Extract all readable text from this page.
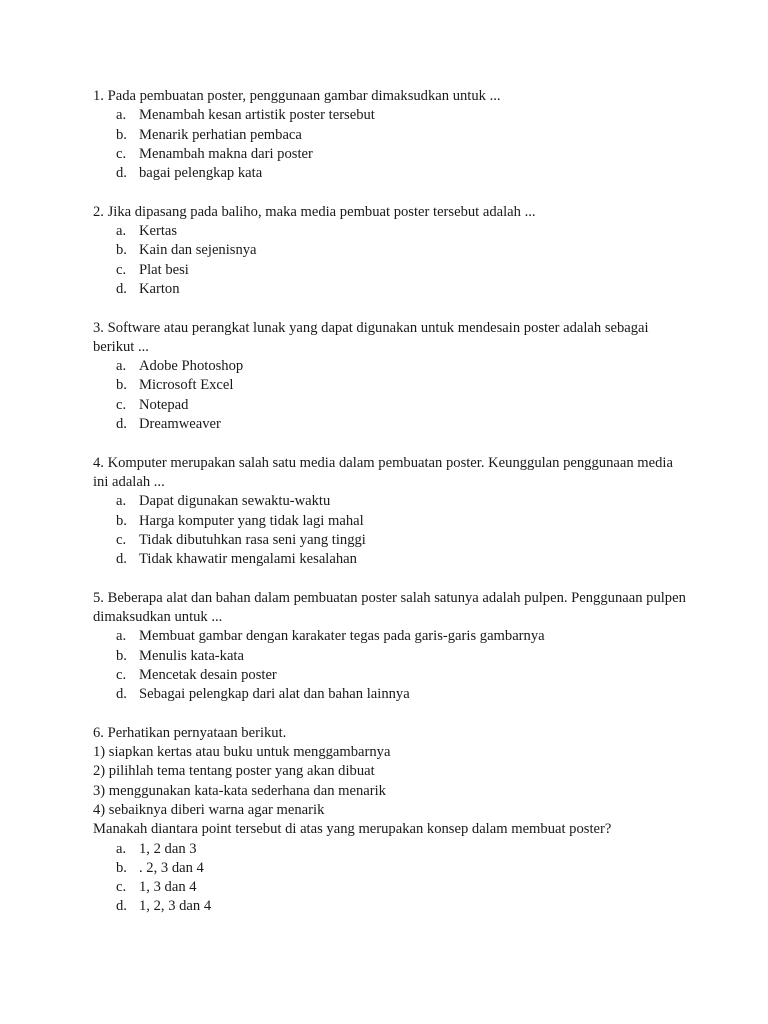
1. Pada pembuatan poster, penggunaan gambar dimaksudkan untuk ...
a. Menambah kesan artistik poster tersebut
b. Menarik perhatian pembaca
c. Menambah makna dari poster
d. bagai pelengkap kata
2. Jika dipasang pada baliho, maka media pembuat poster tersebut adalah ...
a. Kertas
b. Kain dan sejenisnya
c. Plat besi
d. Karton
3. Software atau perangkat lunak yang dapat digunakan untuk mendesain poster adalah sebagai berikut ...
a. Adobe Photoshop
b. Microsoft Excel
c. Notepad
d. Dreamweaver
4. Komputer merupakan salah satu media dalam pembuatan poster. Keunggulan penggunaan media ini adalah ...
a. Dapat digunakan sewaktu-waktu
b. Harga komputer yang tidak lagi mahal
c. Tidak dibutuhkan rasa seni yang tinggi
d. Tidak khawatir mengalami kesalahan
5. Beberapa alat dan bahan dalam pembuatan poster salah satunya adalah pulpen. Penggunaan pulpen dimaksudkan untuk ...
a. Membuat gambar dengan karakater tegas pada garis-garis gambarnya
b. Menulis kata-kata
c. Mencetak desain poster
d. Sebagai pelengkap dari alat dan bahan lainnya
6. Perhatikan pernyataan berikut.
1) siapkan kertas atau buku untuk menggambarnya
2) pilihlah tema tentang poster yang akan dibuat
3) menggunakan kata-kata sederhana dan menarik
4) sebaiknya diberi warna agar menarik
Manakah diantara point tersebut di atas yang merupakan konsep dalam membuat poster?
a. 1, 2 dan 3
b. . 2, 3 dan 4
c. 1, 3 dan 4
d. 1, 2, 3 dan 4
